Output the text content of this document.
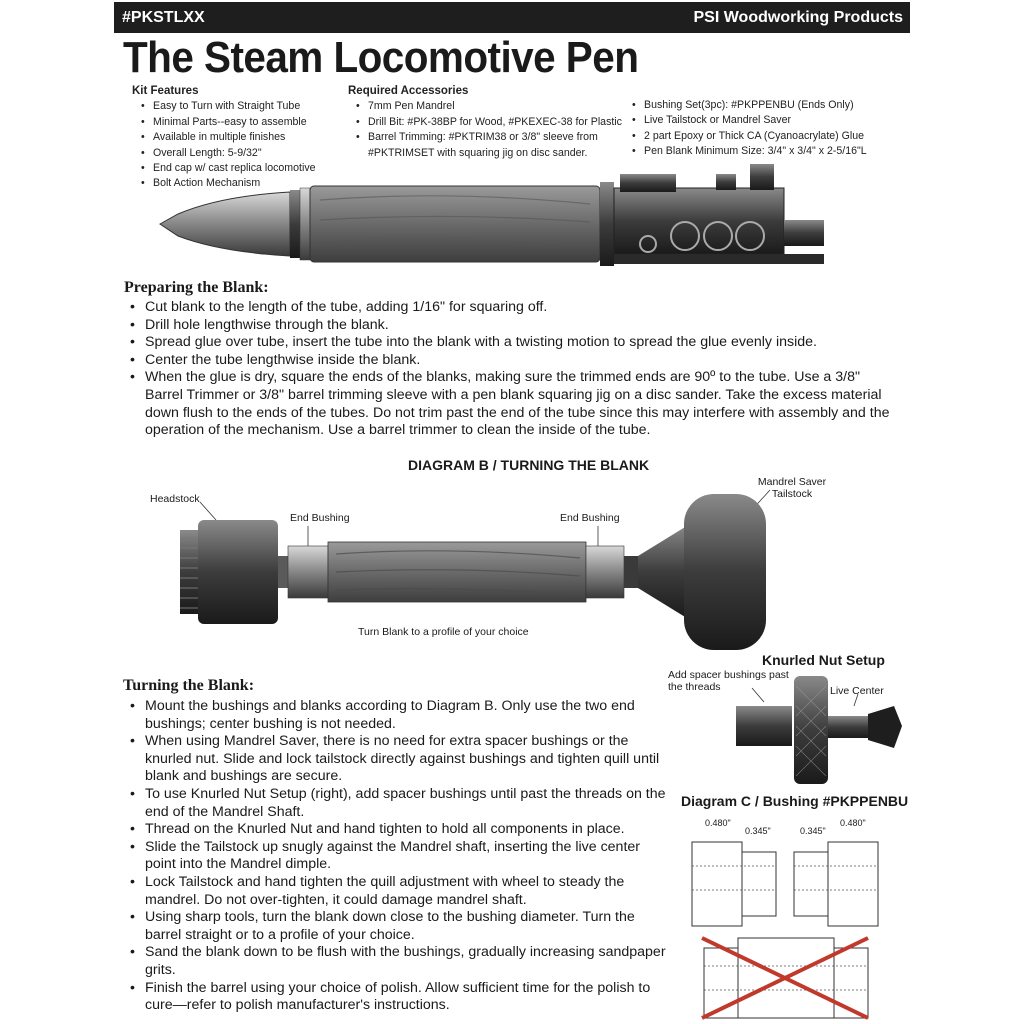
#PKSTLXX	PSI Woodworking Products
The Steam Locomotive Pen
Kit Features
• Easy to Turn with Straight Tube
• Minimal Parts--easy to assemble
• Available in multiple finishes
• Overall Length: 5-9/32"
• End cap w/ cast replica locomotive
• Bolt Action Mechanism
Required Accessories
• 7mm Pen Mandrel
• Drill Bit: #PK-38BP for Wood, #PKEXEC-38 for Plastic
• Barrel Trimming: #PKTRIM38 or 3/8" sleeve from #PKTRIMSET with squaring jig on disc sander.
• Bushing Set(3pc): #PKPPENBU (Ends Only)
• Live Tailstock or Mandrel Saver
• 2 part Epoxy or Thick CA (Cyanoacrylate) Glue
• Pen Blank Minimum Size: 3/4" x 3/4" x 2-5/16"L
Preparing the Blank:
• Cut blank to the length of the tube, adding 1/16" for squaring off.
• Drill hole lengthwise through the blank.
• Spread glue over tube, insert the tube into the blank with a twisting motion to spread the glue evenly inside.
• Center the tube lengthwise inside the blank.
• When the glue is dry, square the ends of the blanks, making sure the trimmed ends are 90º to the tube. Use a 3/8" Barrel Trimmer or 3/8" barrel trimming sleeve with a pen blank squaring jig on a disc sander. Take the excess material down flush to the ends of the tubes. Do not trim past the end of the tube since this may interfere with assembly and the operation of the mechanism. Use a barrel trimmer to clean the inside of the tube.
DIAGRAM B / TURNING THE BLANK
Headstock
End Bushing	End Bushing
Mandrel Saver
Tailstock
Turn Blank to a profile of your choice
Turning the Blank:
• Mount the bushings and blanks according to Diagram B. Only use the two end bushings; center bushing is not needed.
• When using Mandrel Saver, there is no need for extra spacer bushings or the knurled nut. Slide and lock tailstock directly against bushings and tighten quill until blank and bushings are secure.
• To use Knurled Nut Setup (right), add spacer bushings until past the threads on the end of the Mandrel Shaft.
• Thread on the Knurled Nut and hand tighten to hold all components in place.
• Slide the Tailstock up snugly against the Mandrel shaft, inserting the live center point into the Mandrel dimple.
• Lock Tailstock and hand tighten the quill adjustment with wheel to steady the mandrel. Do not over-tighten, it could damage mandrel shaft.
• Using sharp tools, turn the blank down close to the bushing diameter. Turn the barrel straight or to a profile of your choice.
• Sand the blank down to be flush with the bushings, gradually increasing sandpaper grits.
• Finish the barrel using your choice of polish. Allow sufficient time for the polish to cure—refer to polish manufacturer's instructions.
Knurled Nut Setup
Add spacer bushings past
the threads	Live Center
Diagram C / Bushing #PKPPENBU
0.480"
0.345"	0.345"
0.480"
